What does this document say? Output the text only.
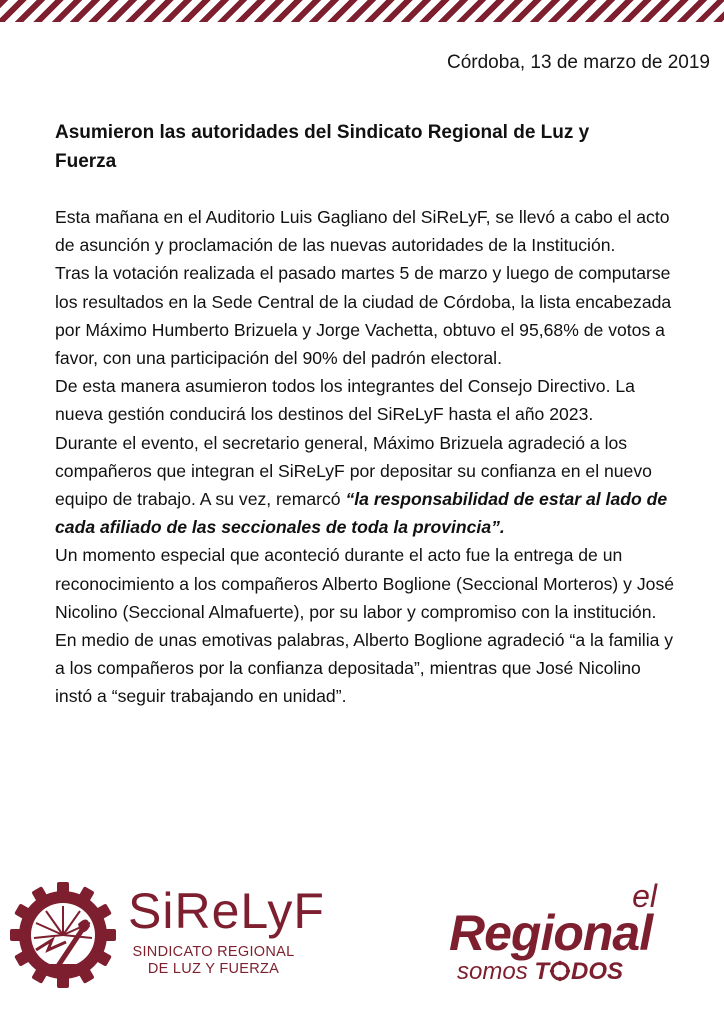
Córdoba, 13 de marzo de 2019
Asumieron las autoridades del Sindicato Regional de Luz y Fuerza

Esta mañana en el Auditorio Luis Gagliano del SiReLyF, se llevó a cabo el acto de asunción y proclamación de las nuevas autoridades de la Institución.

Tras la votación realizada el pasado martes 5 de marzo y luego de computarse los resultados en la Sede Central de la ciudad de Córdoba, la lista encabezada por Máximo Humberto Brizuela y Jorge Vachetta, obtuvo el 95,68% de votos a favor, con una participación del 90% del padrón electoral.

De esta manera asumieron todos los integrantes del Consejo Directivo. La nueva gestión conducirá los destinos del SiReLyF hasta el año 2023.

Durante el evento, el secretario general, Máximo Brizuela agradeció a los compañeros que integran el SiReLyF por depositar su confianza en el nuevo equipo de trabajo. A su vez, remarcó “la responsabilidad de estar al lado de cada afiliado de las seccionales de toda la provincia”.

Un momento especial que aconteció durante el acto fue la entrega de un reconocimiento a los compañeros Alberto Boglione (Seccional Morteros) y José Nicolino (Seccional Almafuerte), por su labor y compromiso con la institución.

En medio de unas emotivas palabras, Alberto Boglione agradeció “a la familia y a los compañeros por la confianza depositada”, mientras que José Nicolino instó a “seguir trabajando en unidad”.

SiReLyF
SINDICATO REGIONAL
DE LUZ Y FUERZA
el
Regional
somos T DOS
